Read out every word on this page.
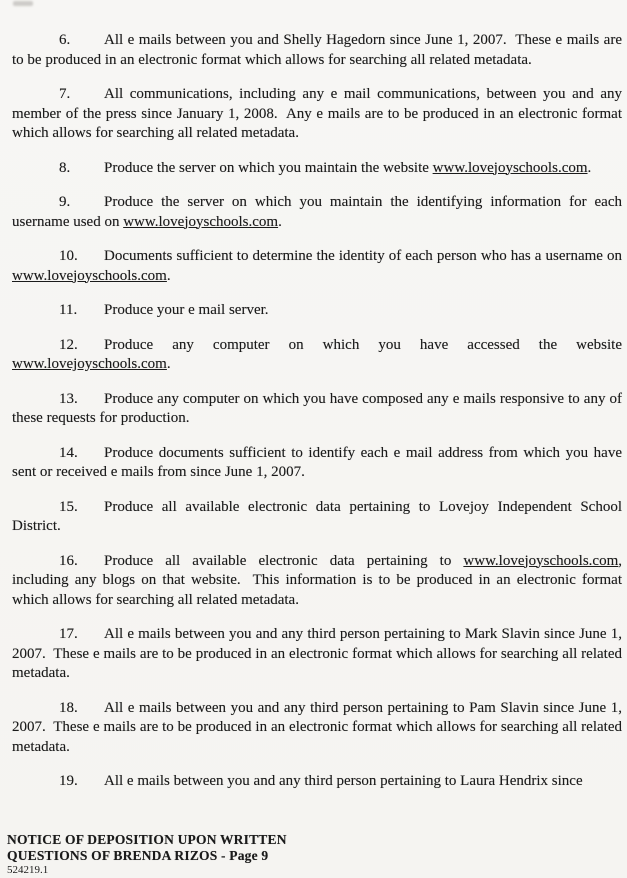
6. All e mails between you and Shelly Hagedorn since June 1, 2007.  These e mails are to be produced in an electronic format which allows for searching all related metadata.

7. All communications, including any e mail communications, between you and any member of the press since January 1, 2008.  Any e mails are to be produced in an electronic format which allows for searching all related metadata.

8. Produce the server on which you maintain the website www.lovejoyschools.com.

9. Produce the server on which you maintain the identifying information for each username used on www.lovejoyschools.com.

10. Documents sufficient to determine the identity of each person who has a username on www.lovejoyschools.com.

11. Produce your e mail server.

12. Produce any computer on which you have accessed the website www.lovejoyschools.com.

13. Produce any computer on which you have composed any e mails responsive to any of these requests for production.

14. Produce documents sufficient to identify each e mail address from which you have sent or received e mails from since June 1, 2007.

15. Produce all available electronic data pertaining to Lovejoy Independent School District.

16. Produce all available electronic data pertaining to www.lovejoyschools.com, including any blogs on that website.  This information is to be produced in an electronic format which allows for searching all related metadata.

17. All e mails between you and any third person pertaining to Mark Slavin since June 1, 2007.  These e mails are to be produced in an electronic format which allows for searching all related metadata.

18. All e mails between you and any third person pertaining to Pam Slavin since June 1, 2007.  These e mails are to be produced in an electronic format which allows for searching all related metadata.

19. All e mails between you and any third person pertaining to Laura Hendrix since

NOTICE OF DEPOSITION UPON WRITTEN
QUESTIONS OF BRENDA RIZOS - Page 9
524219.1
